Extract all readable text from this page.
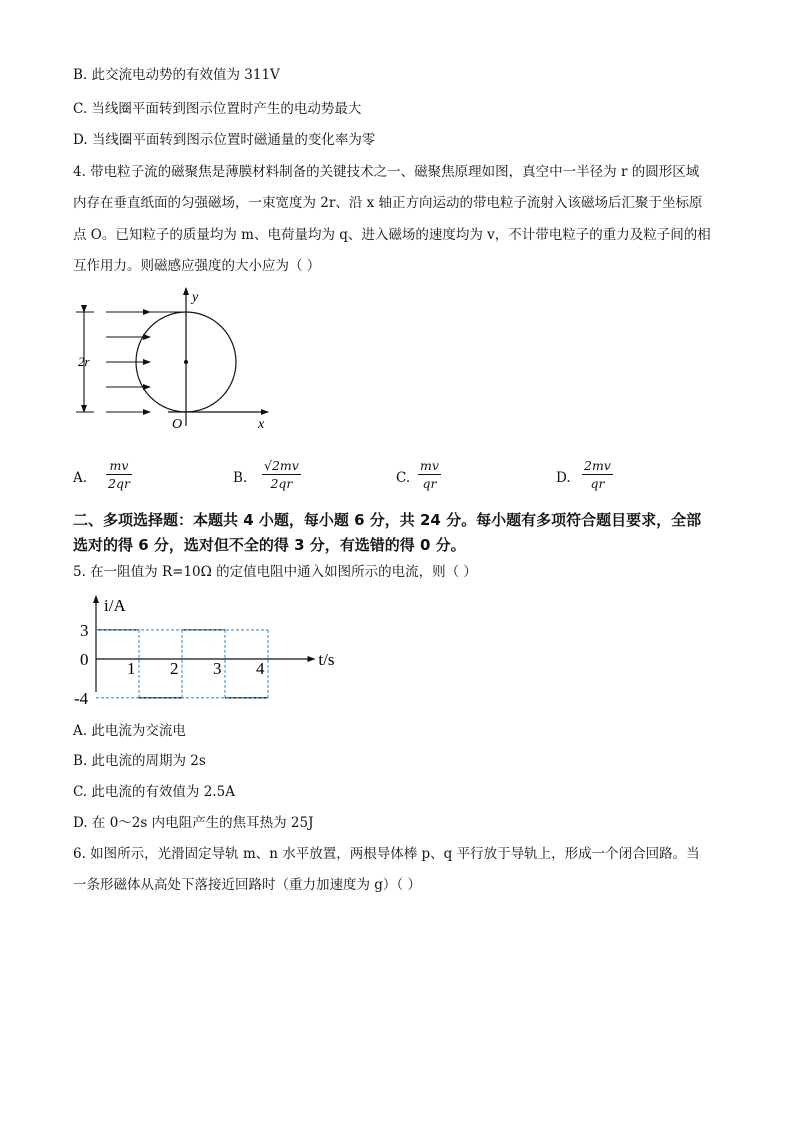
B. 此交流电动势的有效值为 311V
C. 当线圈平面转到图示位置时产生的电动势最大
D. 当线圈平面转到图示位置时磁通量的变化率为零
4. 带电粒子流的磁聚焦是薄膜材料制备的关键技术之一、磁聚焦原理如图，真空中一半径为 r 的圆形区域
内存在垂直纸面的匀强磁场，一束宽度为 2r、沿 x 轴正方向运动的带电粒子流射入该磁场后汇聚于坐标原
点 O。已知粒子的质量均为 m、电荷量均为 q、进入磁场的速度均为 v，不计带电粒子的重力及粒子间的相
互作用力。则磁感应强度的大小应为（ ）
y
x
O
2r
A.
mv
2qr	B.
√2mv
2qr	C.
mv
qr	D.
2mv
qr
二、多项选择题：本题共 4 小题，每小题 6 分，共 24 分。每小题有多项符合题目要求，全部
选对的得 6 分，选对但不全的得 3 分，有选错的得 0 分。
5. 在一阻值为 R=10Ω 的定值电阻中通入如图所示的电流，则（ ）
1 2 3 4
3
0
-4
i/A
t/s
A. 此电流为交流电
B. 此电流的周期为 2s
C. 此电流的有效值为 2.5A
D. 在 0～2s 内电阻产生的焦耳热为 25J
6. 如图所示，光滑固定导轨 m、n 水平放置，两根导体棒 p、q 平行放于导轨上，形成一个闭合回路。当
一条形磁体从高处下落接近回路时（重力加速度为 g）（ ）
